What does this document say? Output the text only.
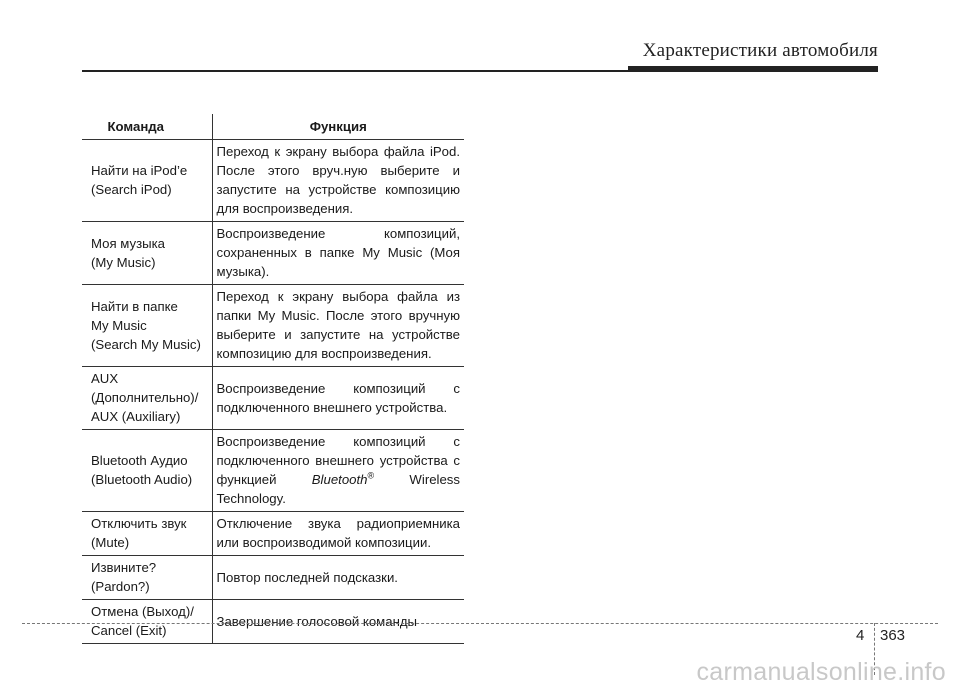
Характеристики автомобиля
Команда	Функция

Найти на iPod’e
(Search iPod)	Переход к экрану выбора файла iPod. После этого вруч.ную выберите и запустите на устройстве композицию для воспроизведения.

Моя музыка
(My Music)	Воспроизведение композиций, сохраненных в папке My Music (Моя музыка).

Найти в папке
My Music
(Search My Music)	Переход к экрану выбора файла из папки My Music. После этого вручную выберите и запустите на устройстве композицию для воспроизведения.

AUX
(Дополнительно)/
AUX (Auxiliary)	Воспроизведение композиций с подключенного внешнего устройства.

Bluetooth Аудио
(Bluetooth Audio)	Воспроизведение композиций с подключенного внешнего устройства с функцией Bluetooth® Wireless Technology.

Отключить звук
(Mute)	Отключение звука радиоприемника или воспроизводимой композиции.

Извините?
(Pardon?)	Повтор последней подсказки.

Отмена (Выход)/
Cancel (Exit)	Завершение голосовой команды
4 363
carmanualsonline.info
